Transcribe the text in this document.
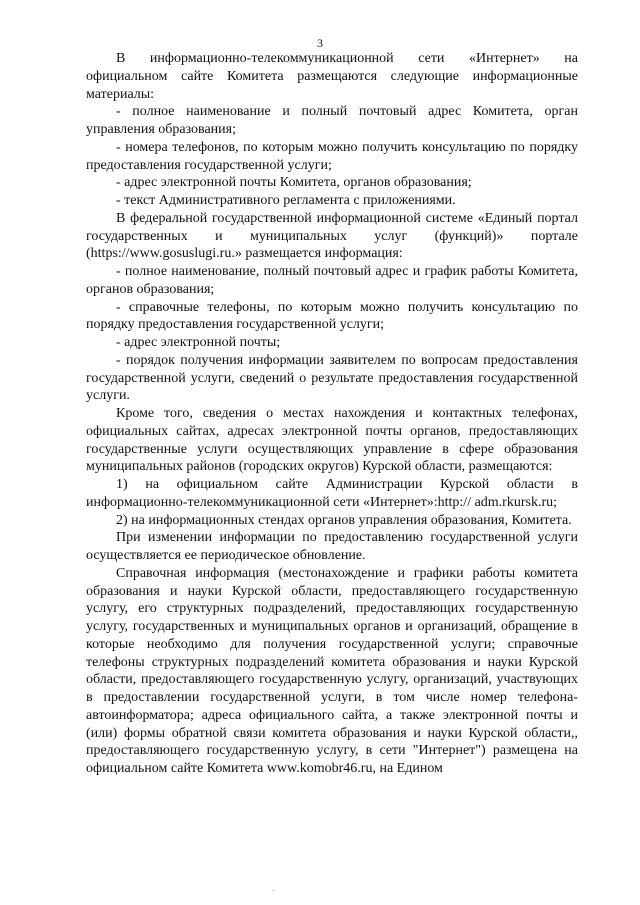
3

В информационно-телекоммуникационной сети «Интернет» на официальном сайте Комитета размещаются следующие информационные материалы:

- полное наименование и полный почтовый адрес Комитета, орган управления образования;

- номера телефонов, по которым можно получить консультацию по порядку предоставления государственной услуги;

- адрес электронной почты Комитета, органов образования;

- текст Административного регламента с приложениями.

В федеральной государственной информационной системе «Единый портал государственных и муниципальных услуг (функций)» портале (https://www.gosuslugi.ru.» размещается информация:

- полное наименование, полный почтовый адрес и график работы Комитета, органов образования;

- справочные телефоны, по которым можно получить консультацию по порядку предоставления государственной услуги;

- адрес электронной почты;

- порядок получения информации заявителем по вопросам предоставления государственной услуги, сведений о результате предоставления государственной услуги.

Кроме того, сведения о местах нахождения и контактных телефонах, официальных сайтах, адресах электронной почты органов, предоставляющих государственные услуги осуществляющих управление в сфере образования муниципальных районов (городских округов) Курской области, размещаются:

1) на официальном сайте Администрации Курской области в информационно-телекоммуникационной сети «Интернет»:http:// adm.rkursk.ru;

2) на информационных стендах органов управления образования, Комитета.

При изменении информации по предоставлению государственной услуги осуществляется ее периодическое обновление.

Справочная информация (местонахождение и графики работы комитета образования и науки Курской области, предоставляющего государственную услугу, его структурных подразделений, предоставляющих государственную услугу, государственных и муниципальных органов и организаций, обращение в которые необходимо для получения государственной услуги; справочные телефоны структурных подразделений комитета образования и науки Курской области, предоставляющего государственную услугу, организаций, участвующих в предоставлении государственной услуги, в том числе номер телефона-автоинформатора; адреса официального сайта, а также электронной почты и (или) формы обратной связи комитета образования и науки Курской области,, предоставляющего государственную услугу, в сети "Интернет") размещена на официальном сайте Комитета www.komobr46.ru, на Едином

.
